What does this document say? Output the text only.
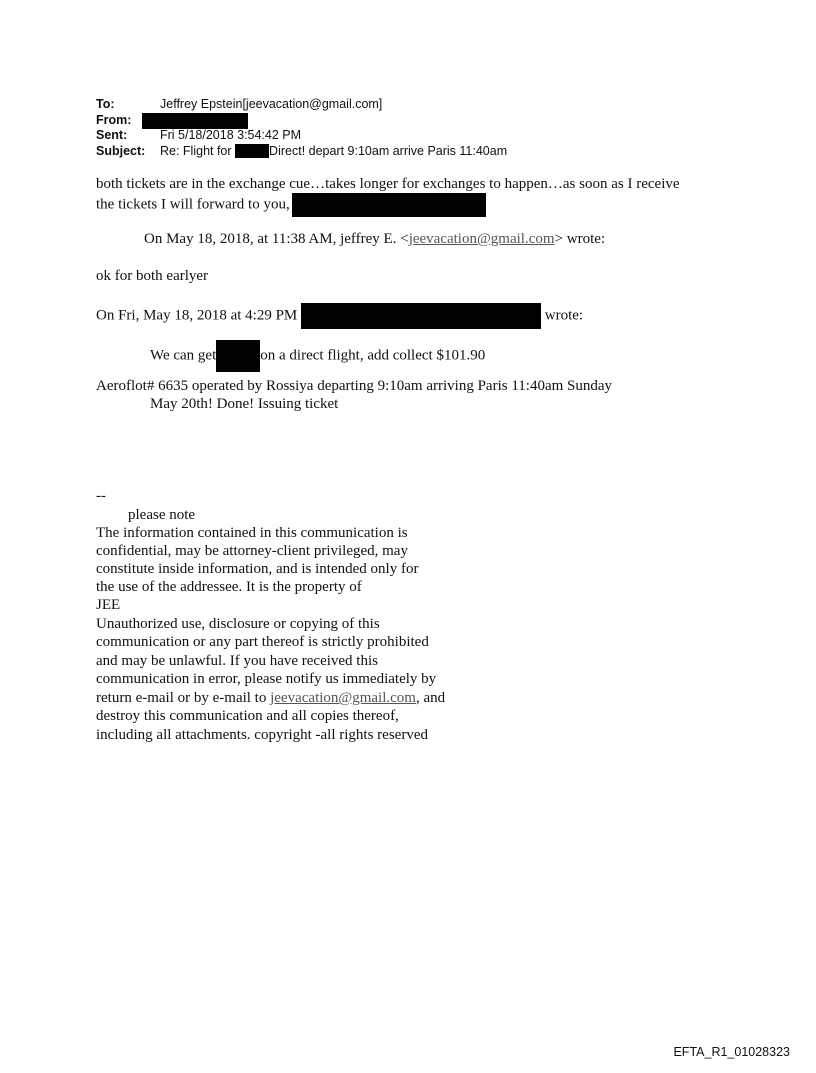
To:	Jeffrey Epstein[jeevacation@gmail.com]
From:
Sent:	Fri 5/18/2018 3:54:42 PM
Subject: Re: Flight for	Direct! depart 9:10am arrive Paris 11:40am
both tickets are in the exchange cue…takes longer for exchanges to happen…as soon as I receive
the tickets I will forward to you,
On May 18, 2018, at 11:38 AM, jeffrey E. <jeevacation@gmail.com> wrote:
ok for both earlyer
On Fri, May 18, 2018 at 4:29 PM	wrote:
We can get	on a direct flight, add collect $101.90
Aeroflot# 6635 operated by Rossiya departing 9:10am arriving Paris 11:40am Sunday
May 20th! Done! Issuing ticket
--
please note
The information contained in this communication is
confidential, may be attorney-client privileged, may
constitute inside information, and is intended only for
the use of the addressee. It is the property of
JEE
Unauthorized use, disclosure or copying of this
communication or any part thereof is strictly prohibited
and may be unlawful. If you have received this
communication in error, please notify us immediately by
return e-mail or by e-mail to jeevacation@gmail.com, and
destroy this communication and all copies thereof,
including all attachments. copyright -all rights reserved
EFTA_R1_01028323
